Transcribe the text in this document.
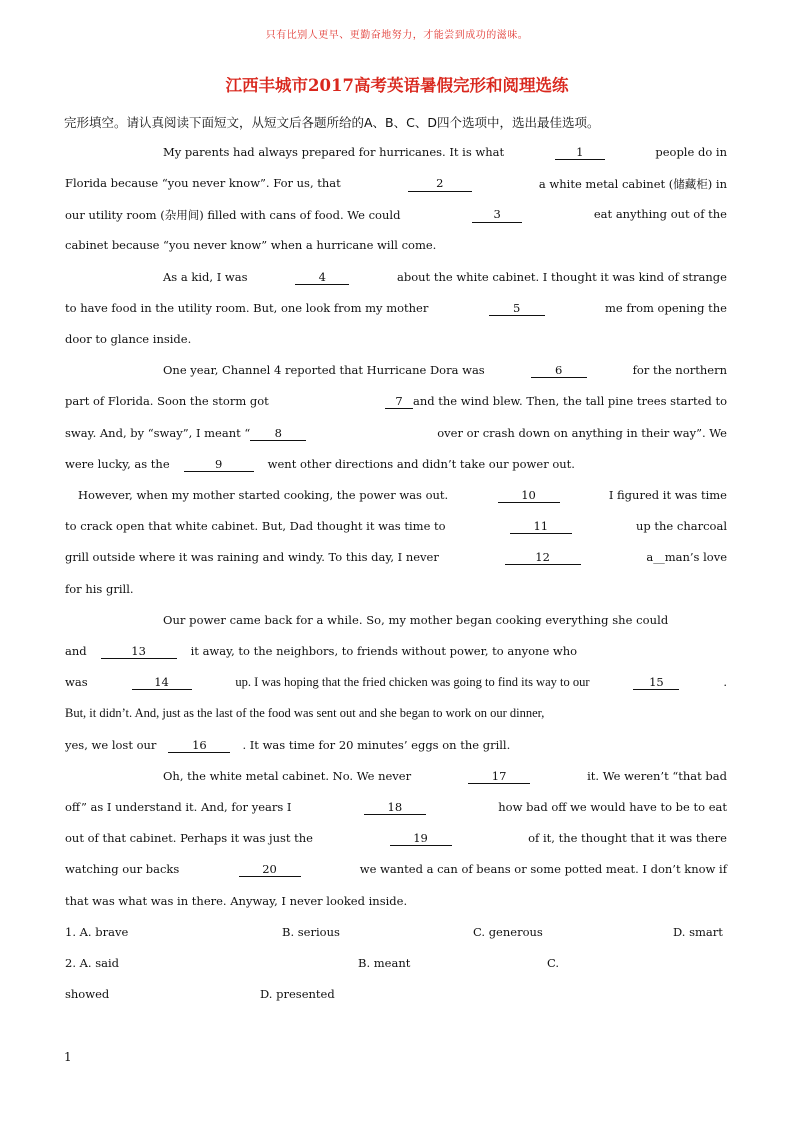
只有比别人更早、更勤奋地努力，才能尝到成功的滋味。
江西丰城市2017高考英语暑假完形和阅理选练
完形填空。请认真阅读下面短文，从短文后各题所给的A、B、C、D四个选项中，选出最佳选项。
My parents had always prepared for hurricanes. It is what	1	people do in
Florida because “you never know”. For us, that	2	a white metal cabinet (储藏柜) in
our utility room (杂用间) filled with cans of food. We could	3	eat anything out of the
cabinet because “you never know” when a hurricane will come.
As a kid, I was	4	about the white cabinet. I thought it was kind of strange
to have food in the utility room. But, one look from my mother	5	me from opening the
door to glance inside.
One year, Channel 4 reported that Hurricane Dora was	6	for the northern
part of Florida. Soon the storm got	7 and the wind blew. Then, the tall pine trees started to
sway. And, by “sway”, I meant “	8	over or crash down on anything in their way”. We
were lucky, as the	9	went other directions and didn’t take our power out.
However, when my mother started cooking, the power was out.	10	I figured it was time
to crack open that white cabinet. But, Dad thought it was time to	11	up the charcoal
grill outside where it was raining and windy. To this day, I never	12	a__man’s love
for his grill.
Our power came back for a while. So, my mother began cooking everything she could
and	13	it away, to the neighbors, to friends without power, to anyone who
was	14	up. I was hoping that the fried chicken was going to find its way to our	15	.
But, it didn’t. And, just as the last of the food was sent out and she began to work on our dinner,
yes, we lost our	16	. It was time for 20 minutes’ eggs on the grill.
Oh, the white metal cabinet. No. We never	17	it. We weren’t “that bad
off” as I understand it. And, for years I	18	how bad off we would have to be to eat
out of that cabinet. Perhaps it was just the	19	of it, the thought that it was there
watching our backs	20	we wanted a can of beans or some potted meat. I don’t know if
that was what was in there. Anyway, I never looked inside.
1. A. brave	B. serious	C. generous	D. smart
2. A. said	B. meant	C.
showed	D. presented
1
